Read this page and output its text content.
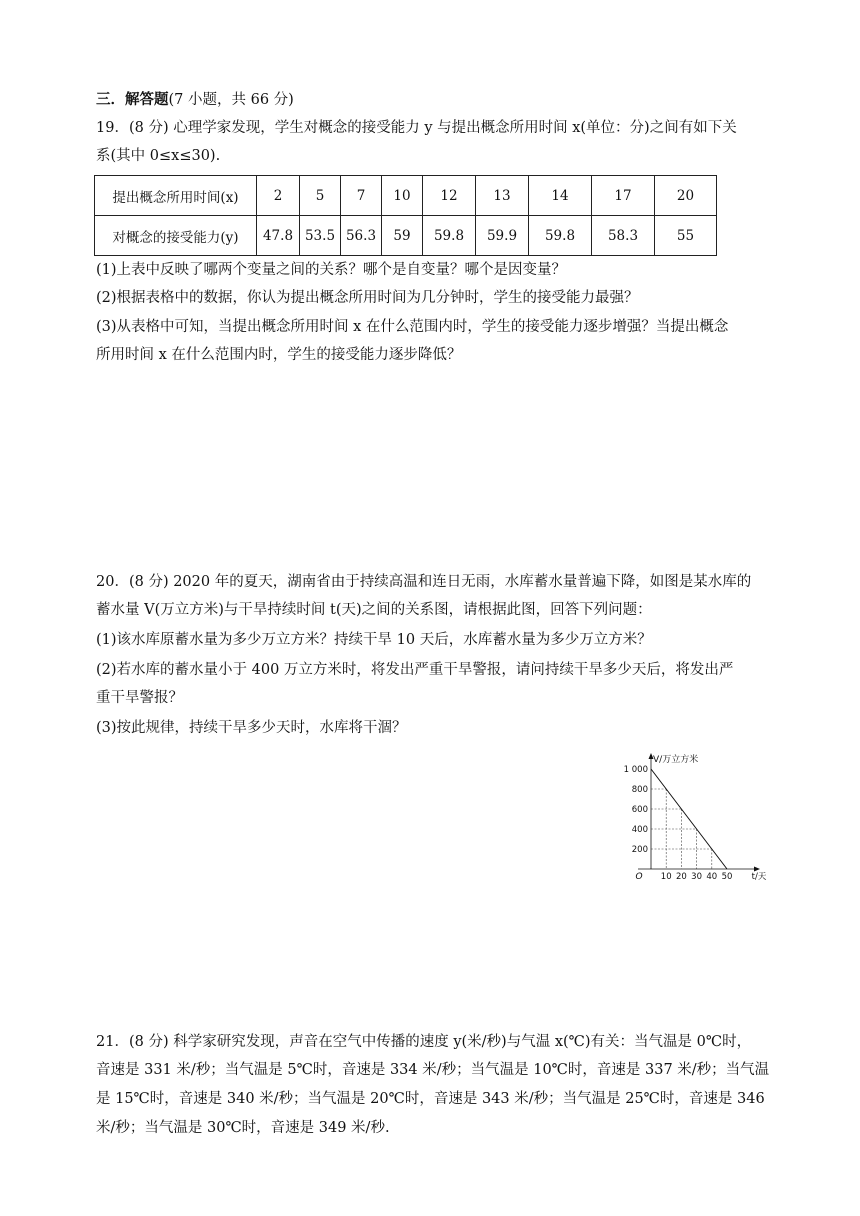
三．解答题(7 小题，共 66 分)
19．(8 分) 心理学家发现，学生对概念的接受能力 y 与提出概念所用时间 x(单位：分)之间有如下关
系(其中 0≤x≤30).
提出概念所用时间(x)	2	5	7	10	12	13	14	17	20
对概念的接受能力(y)	47.8	53.5	56.3	59	59.8	59.9	59.8	58.3	55
(1)上表中反映了哪两个变量之间的关系？哪个是自变量？哪个是因变量？
(2)根据表格中的数据，你认为提出概念所用时间为几分钟时，学生的接受能力最强？
(3)从表格中可知，当提出概念所用时间 x 在什么范围内时，学生的接受能力逐步增强？当提出概念
所用时间 x 在什么范围内时，学生的接受能力逐步降低？
20．(8 分) 2020 年的夏天，湖南省由于持续高温和连日无雨，水库蓄水量普遍下降，如图是某水库的
蓄水量 V(万立方米)与干旱持续时间 t(天)之间的关系图，请根据此图，回答下列问题：
(1)该水库原蓄水量为多少万立方米？持续干旱 10 天后，水库蓄水量为多少万立方米？
(2)若水库的蓄水量小于 400 万立方米时，将发出严重干旱警报，请问持续干旱多少天后，将发出严
重干旱警报？
(3)按此规律，持续干旱多少天时，水库将干涸？
10 20 30 40 50
200
400
600
800
1 000
O
V/万立方米
t/天
21．(8 分) 科学家研究发现，声音在空气中传播的速度 y(米/秒)与气温 x(℃)有关：当气温是 0℃时，
音速是 331 米/秒；当气温是 5℃时，音速是 334 米/秒；当气温是 10℃时，音速是 337 米/秒；当气温
是 15℃时，音速是 340 米/秒；当气温是 20℃时，音速是 343 米/秒；当气温是 25℃时，音速是 346
米/秒；当气温是 30℃时，音速是 349 米/秒.
